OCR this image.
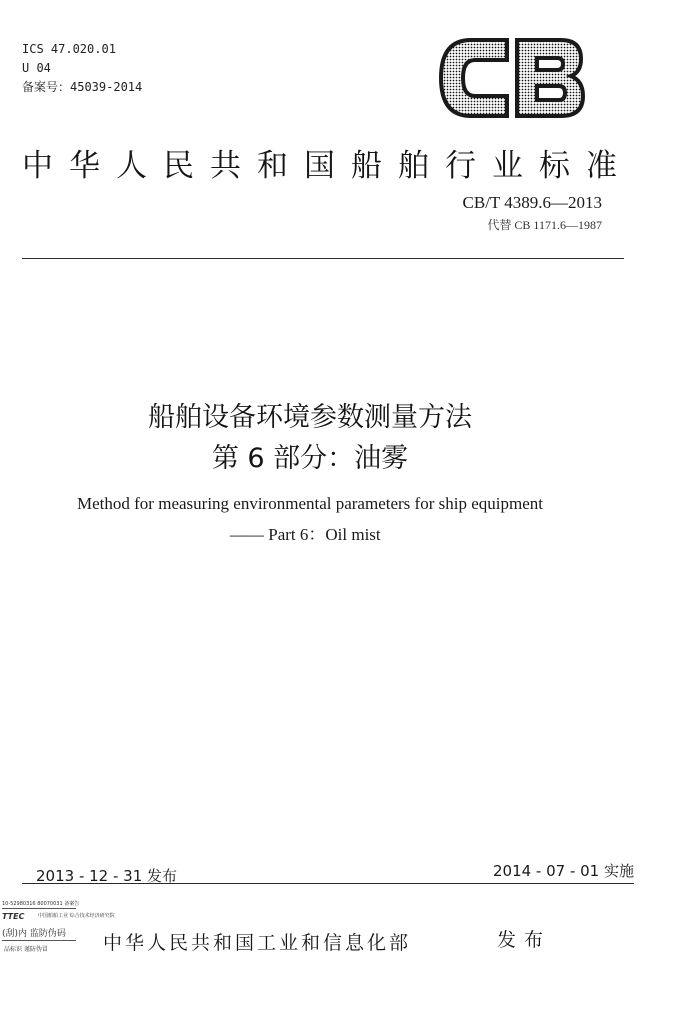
ICS 47.020.01
U 04
备案号：45039-2014
中华人民共和国船舶行业标准
CB/T 4389.6—2013
代替 CB 1171.6—1987
船舶设备环境参数测量方法
第 6 部分：油雾
Method for measuring environmental parameters for ship equipment
—— Part 6：Oil mist
2013 - 12 - 31 发布	2014 - 07 - 01 实施
10-52980316 80070031 备案告
TTEC	中国船舶工业 综合技术经济研究院
(刮)内 监防伪码
品标识 谨防伪冒	中华人民共和国工业和信息化部	发布
